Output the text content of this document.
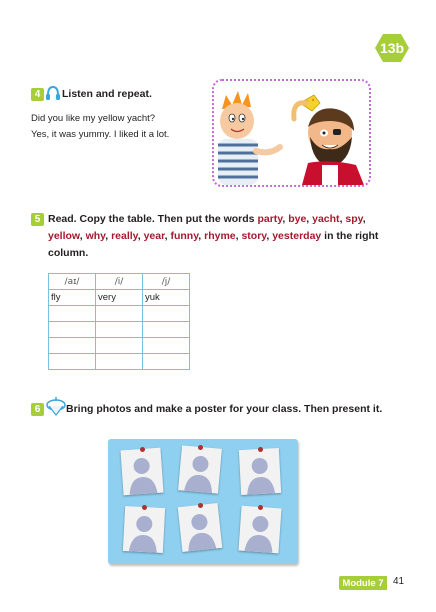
13b
4	Listen and repeat.
Did you like my yellow yacht?
Yes, it was yummy. I liked it a lot.
5 Read. Copy the table. Then put the words party, bye, yacht, spy, yellow, why, really, year, funny, rhyme, story, yesterday in the right column.
/aɪ/	/i/	/j/
fly	very	yuk

6	Bring photos and make a poster for your class. Then present it.
Module 7 41
